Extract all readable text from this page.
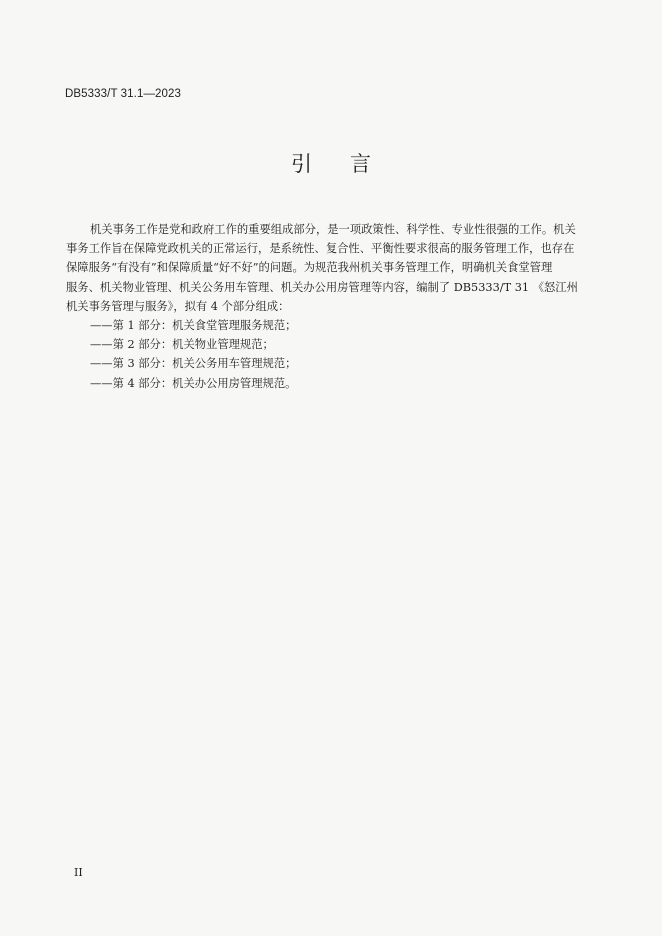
DB5333/T 31.1—2023
引 言
机关事务工作是党和政府工作的重要组成部分，是一项政策性、科学性、专业性很强的工作。机关
事务工作旨在保障党政机关的正常运行，是系统性、复合性、平衡性要求很高的服务管理工作，也存在
保障服务“有没有”和保障质量“好不好”的问题。为规范我州机关事务管理工作，明确机关食堂管理
服务、机关物业管理、机关公务用车管理、机关办公用房管理等内容，编制了 DB5333/T 31 《怒江州
机关事务管理与服务》，拟有 4 个部分组成：
——第 1 部分：机关食堂管理服务规范；
——第 2 部分：机关物业管理规范；
——第 3 部分：机关公务用车管理规范；
——第 4 部分：机关办公用房管理规范。
II
